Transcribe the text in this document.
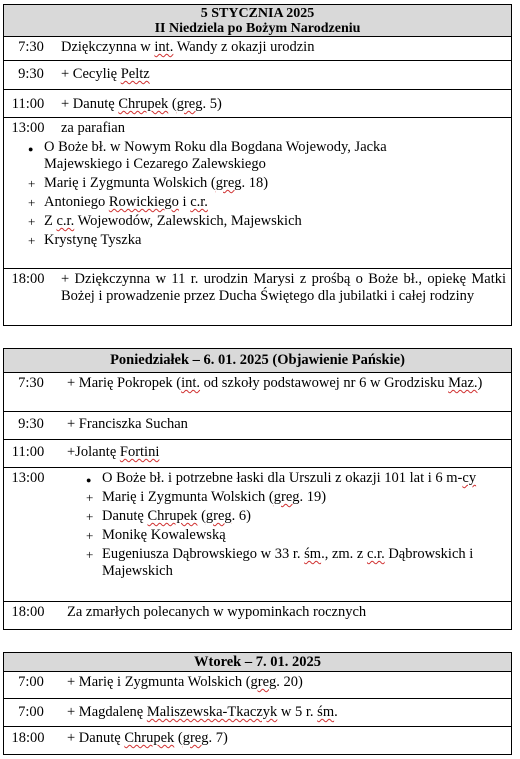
5 STYCZNIA 2025
II Niedziela po Bożym Narodzeniu
7:30	Dziękczynna w int. Wandy z okazji urodzin
9:30	+ Cecylię Peltz
11:00	+ Danutę Chrupek (greg. 5)
13:00	za parafian
O Boże bł. w Nowym Roku dla Bogdana Wojewody, Jacka Majewskiego i Cezarego Zalewskiego
+ Marię i Zygmunta Wolskich (greg. 18)
+ Antoniego Rowickiego i c.r.
+ Z c.r. Wojewodów, Zalewskich, Majewskich
+ Krystynę Tyszka
18:00	+ Dziękczynna w 11 r. urodzin Marysi z prośbą o Boże bł., opiekę Matki Bożej i prowadzenie przez Ducha Świętego dla jubilatki i całej rodziny
Poniedziałek – 6. 01. 2025 (Objawienie Pańskie)
7:30	+ Marię Pokropek (int. od szkoły podstawowej nr 6 w Grodzisku Maz.)
9:30	+ Franciszka Suchan
11:00	+Jolantę Fortini
13:00	O Boże bł. i potrzebne łaski dla Urszuli z okazji 101 lat i 6 m-cy
+ Marię i Zygmunta Wolskich (greg. 19)
+ Danutę Chrupek (greg. 6)
+ Monikę Kowalewską
+ Eugeniusza Dąbrowskiego w 33 r. śm., zm. z c.r. Dąbrowskich i Majewskich
18:00	Za zmarłych polecanych w wypominkach rocznych
Wtorek – 7. 01. 2025
7:00	+ Marię i Zygmunta Wolskich (greg. 20)
7:00	+ Magdalenę Maliszewska-Tkaczyk w 5 r. śm.
18:00	+ Danutę Chrupek (greg. 7)
